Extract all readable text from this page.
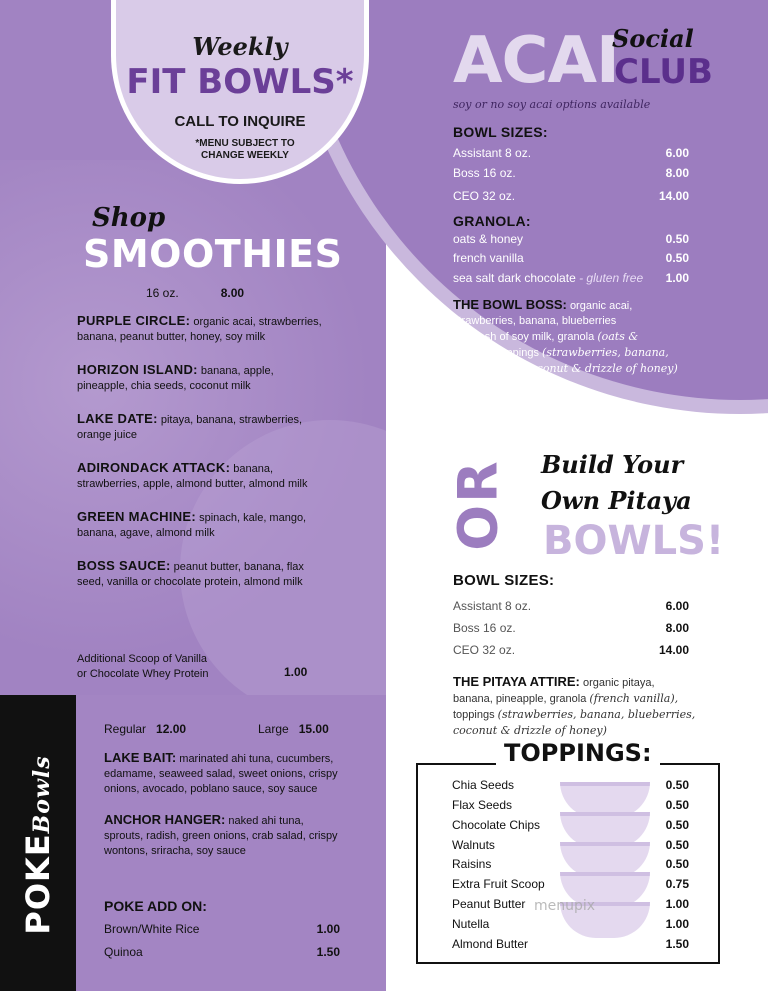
Weekly
FIT BOWLS*
CALL TO INQUIRE
*MENU SUBJECT TO
CHANGE WEEKLY
Shop
SMOOTHIES
16 oz.	8.00
PURPLE CIRCLE: organic acai, strawberries, banana, peanut butter, honey, soy milk
HORIZON ISLAND: banana, apple, pineapple, chia seeds, coconut milk
LAKE DATE: pitaya, banana, strawberries, orange juice
ADIRONDACK ATTACK: banana, strawberries, apple, almond butter, almond milk
GREEN MACHINE: spinach, kale, mango, banana, agave, almond milk
BOSS SAUCE: peanut butter, banana, flax seed, vanilla or chocolate protein, almond milk
Additional Scoop of Vanilla
or Chocolate Whey Protein	1.00
POKEBowls
Regular 12.00	Large 15.00
LAKE BAIT: marinated ahi tuna, cucumbers, edamame, seaweed salad, sweet onions, crispy onions, avocado, poblano sauce, soy sauce
ANCHOR HANGER: naked ahi tuna, sprouts, radish, green onions, crab salad, crispy wontons, sriracha, soy sauce
POKE ADD ON:
Brown/White Rice	1.00
Quinoa	1.50
ACAI
Social
CLUB
soy or no soy acai options available
BOWL SIZES:
Assistant 8 oz.	6.00
Boss 16 oz.	8.00
CEO 32 oz.	14.00
GRANOLA:
oats & honey	0.50
french vanilla	0.50
sea salt dark chocolate - gluten free 1.00
THE BOWL BOSS: organic acai,
strawberries, banana, blueberries
& a dash of soy milk, granola (oats &
honey), toppings (strawberries, banana,
blueberries, coconut & drizzle of honey)
OR Build Your
Own Pitaya
BOWLS!
BOWL SIZES:
Assistant 8 oz.	6.00
Boss 16 oz.	8.00
CEO 32 oz.	14.00
THE PITAYA ATTIRE: organic pitaya,
banana, pineapple, granola (french vanilla),
toppings (strawberries, banana, blueberries,
coconut & drizzle of honey)
TOPPINGS:
Chia Seeds	0.50
Flax Seeds	0.50
Chocolate Chips	0.50
Walnuts	0.50
Raisins	0.50
Extra Fruit Scoop	0.75
Peanut Butter	1.00
Nutella	1.00
Almond Butter	1.50
menupix
